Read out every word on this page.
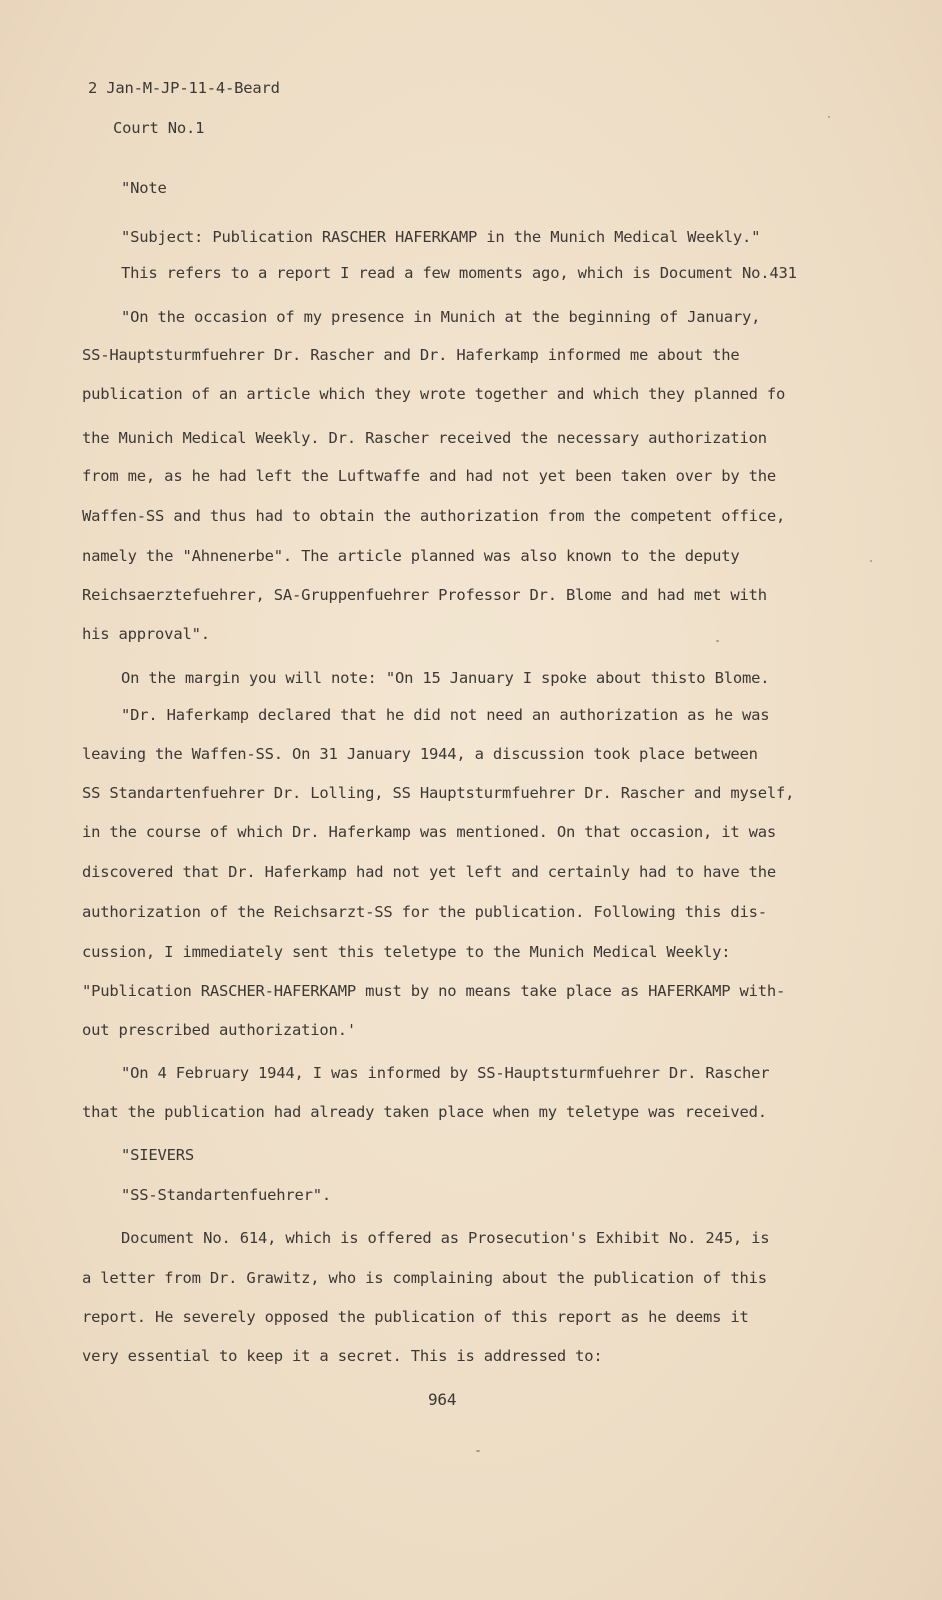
2 Jan-M-JP-11-4-Beard
Court No.1
"Note
"Subject: Publication RASCHER HAFERKAMP in the Munich Medical Weekly."
This refers to a report I read a few moments ago, which is Document No.431
"On the occasion of my presence in Munich at the beginning of January,
SS-Hauptsturmfuehrer Dr. Rascher and Dr. Haferkamp informed me about the
publication of an article which they wrote together and which they planned fo
the Munich Medical Weekly. Dr. Rascher received the necessary authorization
from me, as he had left the Luftwaffe and had not yet been taken over by the
Waffen-SS and thus had to obtain the authorization from the competent office,
namely the "Ahnenerbe". The article planned was also known to the deputy
Reichsaerztefuehrer, SA-Gruppenfuehrer Professor Dr. Blome and had met with
his approval".
On the margin you will note: "On 15 January I spoke about thisto Blome.
"Dr. Haferkamp declared that he did not need an authorization as he was
leaving the Waffen-SS. On 31 January 1944, a discussion took place between
SS Standartenfuehrer Dr. Lolling, SS Hauptsturmfuehrer Dr. Rascher and myself,
in the course of which Dr. Haferkamp was mentioned. On that occasion, it was
discovered that Dr. Haferkamp had not yet left and certainly had to have the
authorization of the Reichsarzt-SS for the publication. Following this dis-
cussion, I immediately sent this teletype to the Munich Medical Weekly:
"Publication RASCHER-HAFERKAMP must by no means take place as HAFERKAMP with-
out prescribed authorization.'
"On 4 February 1944, I was informed by SS-Hauptsturmfuehrer Dr. Rascher
that the publication had already taken place when my teletype was received.
"SIEVERS
"SS-Standartenfuehrer".
Document No. 614, which is offered as Prosecution's Exhibit No. 245, is
a letter from Dr. Grawitz, who is complaining about the publication of this
report. He severely opposed the publication of this report as he deems it
very essential to keep it a secret. This is addressed to:
964
